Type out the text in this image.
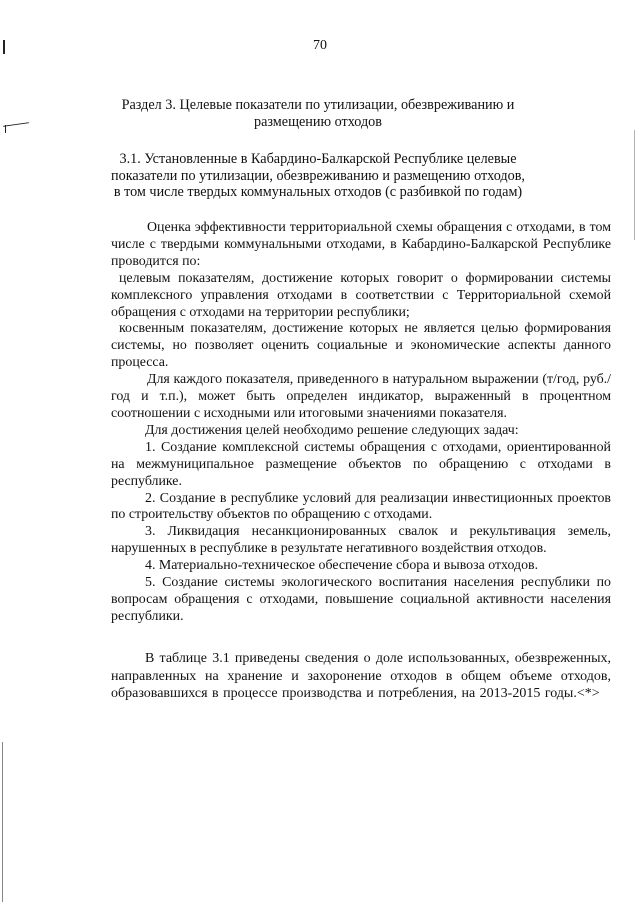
70
Раздел 3. Целевые показатели по утилизации, обезвреживанию и размещению отходов
3.1. Установленные в Кабардино-Балкарской Республике целевые показатели по утилизации, обезвреживанию и размещению отходов, в том числе твердых коммунальных отходов (с разбивкой по годам)

Оценка эффективности территориальной схемы обращения с отходами, в том числе с твердыми коммунальными отходами, в Кабардино-Балкарской Республике проводится по:

целевым показателям, достижение которых говорит о формировании системы комплексного управления отходами в соответствии с Территориальной схемой обращения с отходами на территории республики;

косвенным показателям, достижение которых не является целью формирования системы, но позволяет оценить социальные и экономические аспекты данного процесса.

Для каждого показателя, приведенного в натуральном выражении (т/год, руб./год и т.п.), может быть определен индикатор, выраженный в процентном соотношении с исходными или итоговыми значениями показателя.

Для достижения целей необходимо решение следующих задач:

1. Создание комплексной системы обращения с отходами, ориентированной на межмуниципальное размещение объектов по обращению с отходами в республике.

2. Создание в республике условий для реализации инвестиционных проектов по строительству объектов по обращению с отходами.

3. Ликвидация несанкционированных свалок и рекультивация земель, нарушенных в республике в результате негативного воздействия отходов.

4. Материально-техническое обеспечение сбора и вывоза отходов.

5. Создание системы экологического воспитания населения республики по вопросам обращения с отходами, повышение социальной активности населения республики.

В таблице 3.1 приведены сведения о доле использованных, обезвреженных, направленных на хранение и захоронение отходов в общем объеме отходов, образовавшихся в процессе производства и потребления, на 2013-2015 годы.<*>
